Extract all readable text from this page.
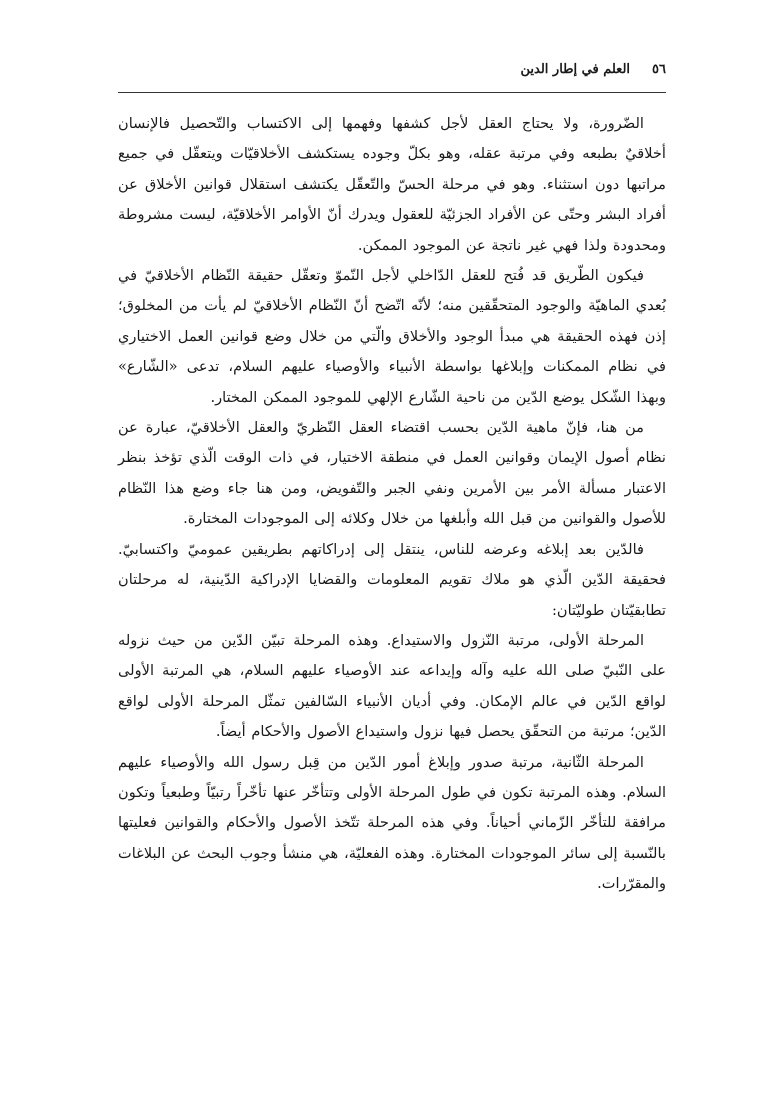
٥٦
العلم في إطار الدين

الضّرورة، ولا يحتاج العقل لأجل كشفها وفهمها إلى الاكتساب والتّحصيل فالإنسان أخلاقيٌ بطبعه وفي مرتبة عقله، وهو بكلّ وجوده يستكشف الأخلاقيّات ويتعقّل في جميع مراتبها دون استثناء. وهو في مرحلة الحسّ والتّعقّل يكتشف استقلال قوانين الأخلاق عن أفراد البشر وحتّى عن الأفراد الجزئيّة للعقول ويدرك أنّ الأوامر الأخلاقيّة، ليست مشروطة ومحدودة ولذا فهي غير ناتجة عن الموجود الممكن.

فيكون الطّريق قد فُتح للعقل الدّاخلي لأجل النّموّ وتعقّل حقيقة النّظام الأخلاقيّ في بُعدي الماهيّة والوجود المتحقّقين منه؛ لأنّه اتّضح أنّ النّظام الأخلاقيّ لم يأت من المخلوق؛ إذن فهذه الحقيقة هي مبدأ الوجود والأخلاق والّتي من خلال وضع قوانين العمل الاختياري في نظام الممكنات وإبلاغها بواسطة الأنبياء والأوصياء عليهم السلام، تدعى «الشّارع» وبهذا الشّكل يوضع الدّين من ناحية الشّارع الإلهي للموجود الممكن المختار.

من هنا، فإنّ ماهية الدّين بحسب اقتضاء العقل النّظريّ والعقل الأخلاقيّ، عبارة عن نظام أصول الإيمان وقوانين العمل في منطقة الاختيار، في ذات الوقت الّذي تؤخذ بنظر الاعتبار مسألة الأمر بين الأمرين ونفي الجبر والتّفويض، ومن هنا جاء وضع هذا النّظام للأصول والقوانين من قبل الله وأبلغها من خلال وكلائه إلى الموجودات المختارة.

فالدّين بعد إبلاغه وعرضه للناس، ينتقل إلى إدراكاتهم بطريقين عموميّ واكتسابيّ. فحقيقة الدّين الّذي هو ملاك تقويم المعلومات والقضايا الإدراكية الدّينية، له مرحلتان تطابقيّتان طوليّتان:

المرحلة الأولى، مرتبة النّزول والاستيداع. وهذه المرحلة تبيّن الدّين من حيث نزوله على النّبيّ صلى الله عليه وآله وإيداعه عند الأوصياء عليهم السلام، هي المرتبة الأولى لواقع الدّين في عالم الإمكان. وفي أديان الأنبياء السّالفين تمثّل المرحلة الأولى لواقع الدّين؛ مرتبة من التحقّق يحصل فيها نزول واستيداع الأصول والأحكام أيضاً.

المرحلة الثّانية، مرتبة صدور وإبلاغ أمور الدّين من قِبل رسول الله والأوصياء عليهم السلام. وهذه المرتبة تكون في طول المرحلة الأولى وتتأخّر عنها تأخّراً رتبيّاً وطبعياً وتكون مرافقة للتأخّر الزّماني أحياناً. وفي هذه المرحلة تتّخذ الأصول والأحكام والقوانين فعليتها بالنّسبة إلى سائر الموجودات المختارة. وهذه الفعليّة، هي منشأ وجوب البحث عن البلاغات والمقرّرات.
